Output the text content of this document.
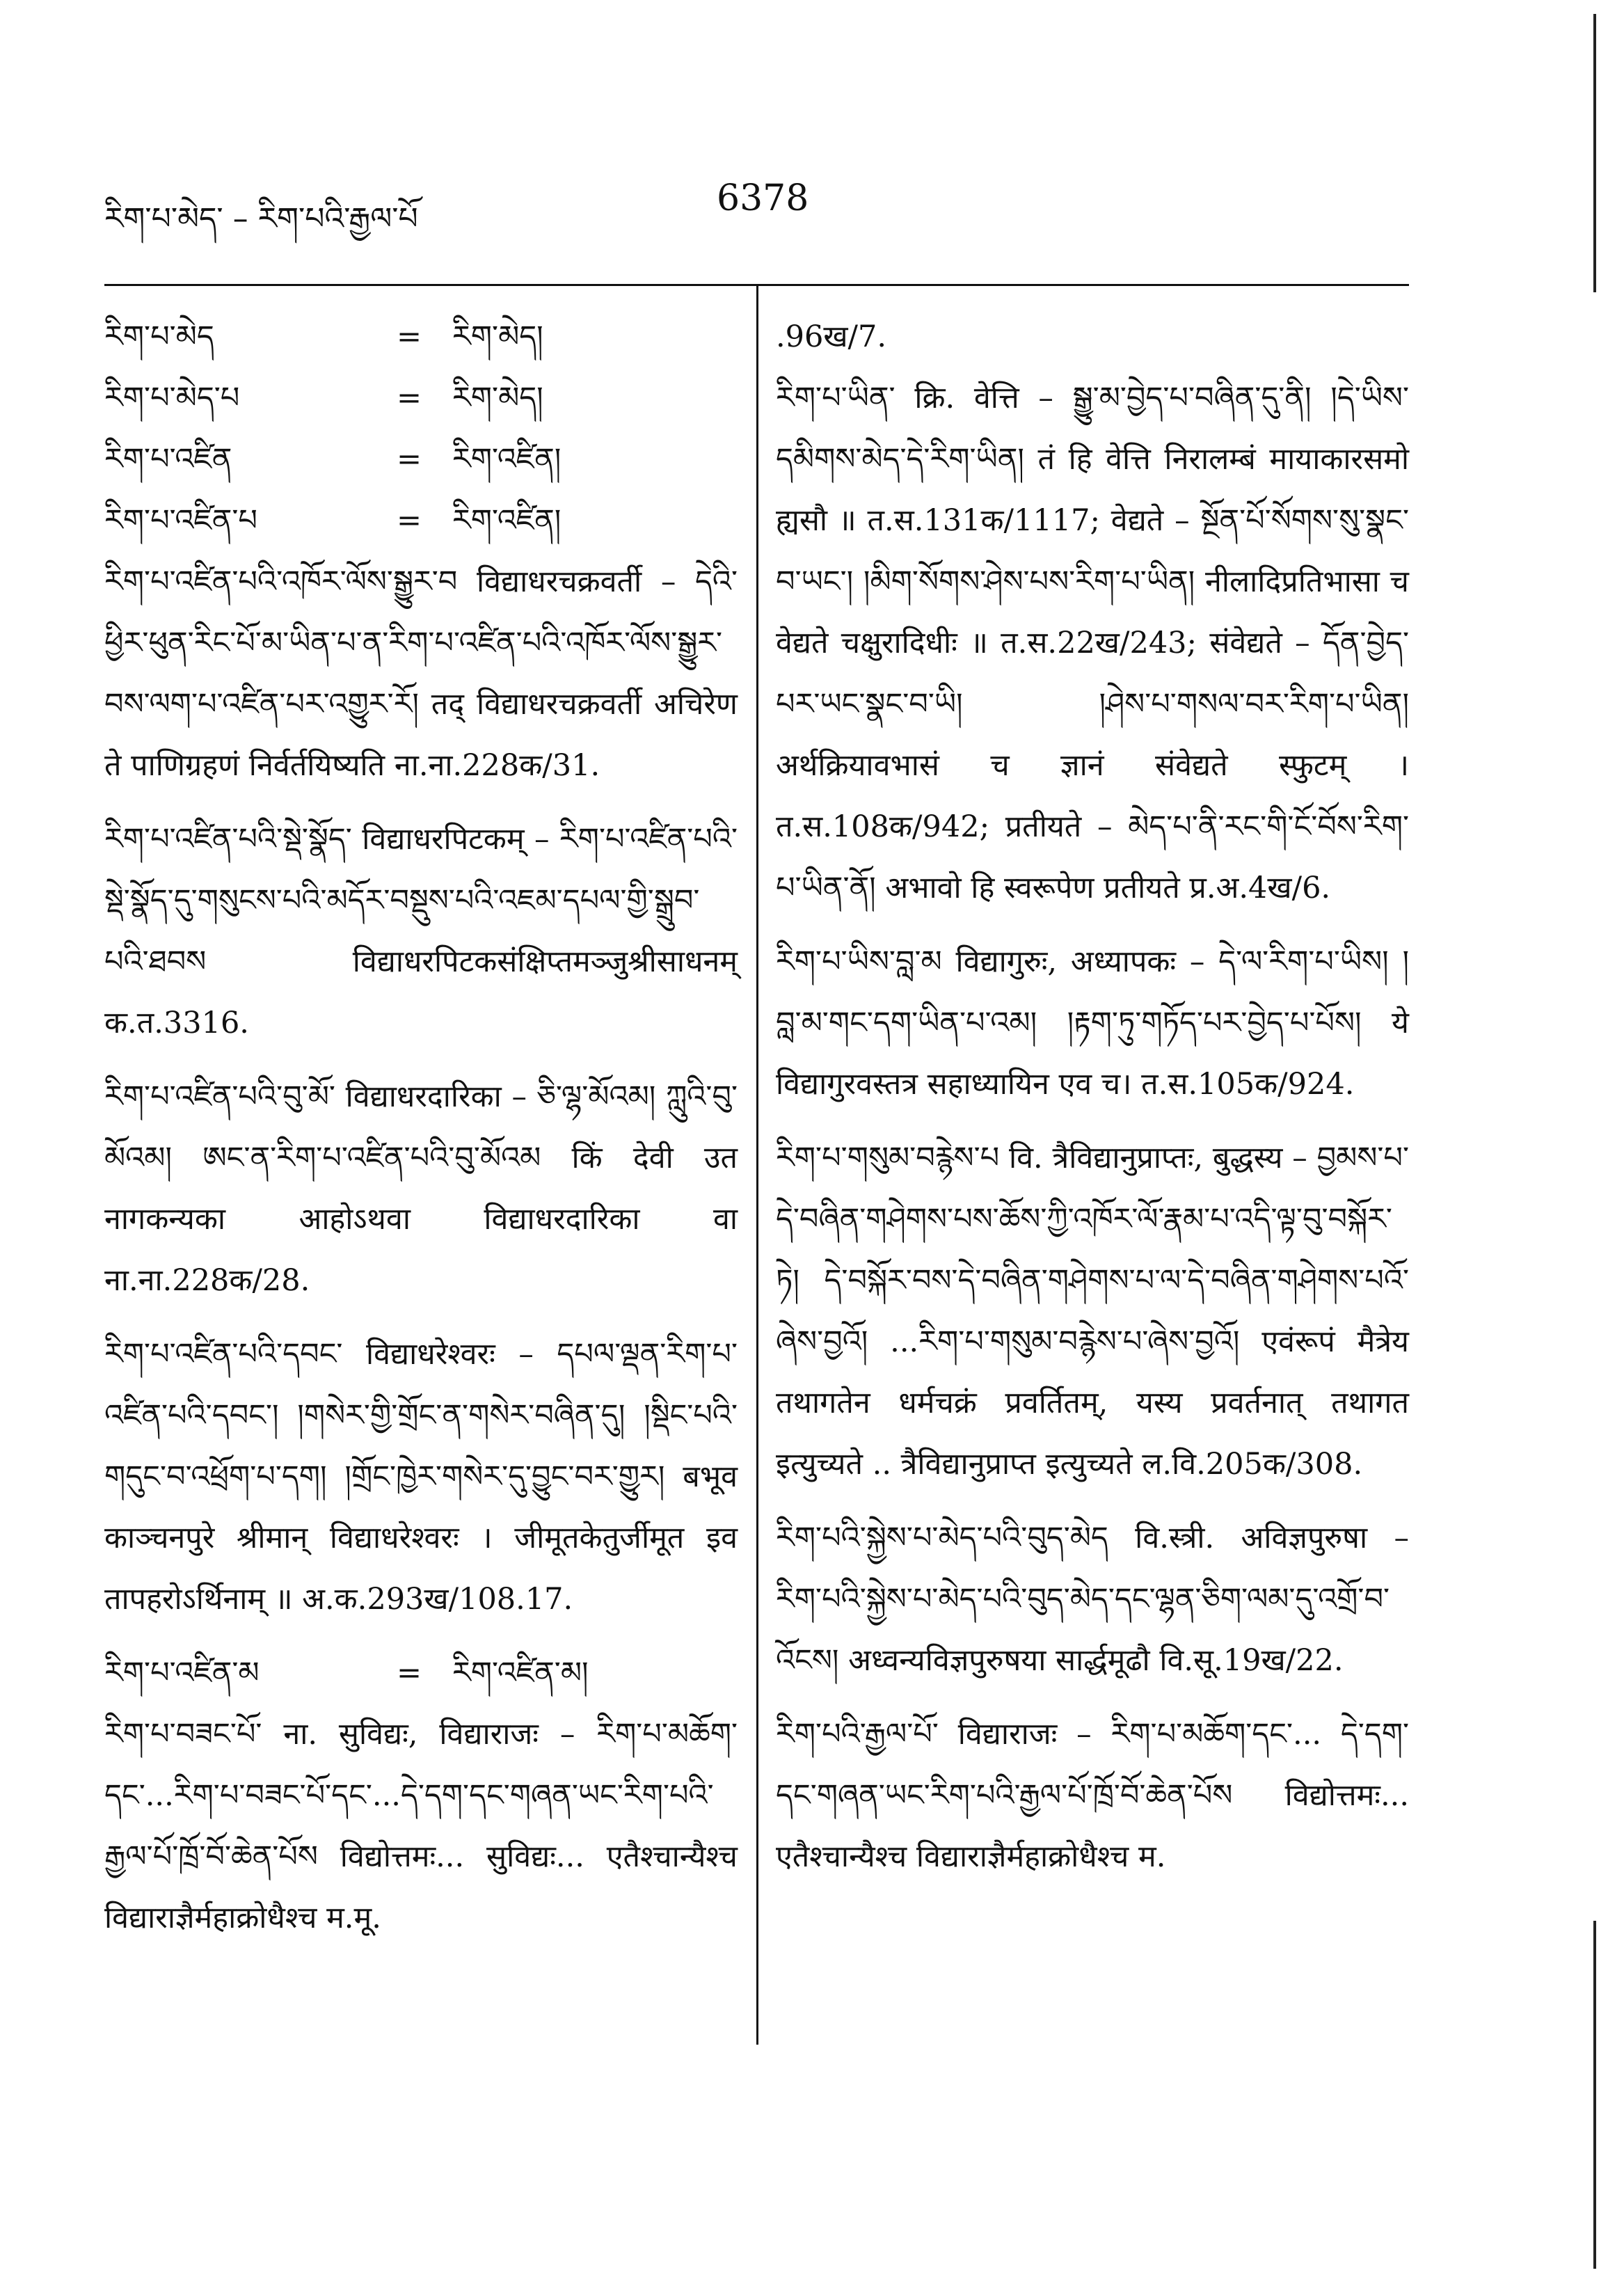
རིག་པ་མེད་ – རིག་པའི་རྒྱལ་པོ	6378
རིག་པ་མེད	=	རིག་མེད།
རིག་པ་མེད་པ	=	རིག་མེད།
རིག་པ་འཛིན	=	རིག་འཛིན།
རིག་པ་འཛིན་པ	=	རིག་འཛིན།

རིག་པ་འཛིན་པའི་འཁོར་ལོས་སྒྱུར་བ विद्याधरचक्रवर्ती – དེའི་ཕྱིར་ཕུན་རིང་པོ་མ་ཡིན་པ་ན་རིག་པ་འཛིན་པའི་འཁོར་ལོས་སྒྱུར་བས་ལག་པ་འཛིན་པར་འགྱུར་རོ། तद् विद्याधरचक्रवर्ती अचिरेण ते पाणिग्रहणं निर्वर्तयिष्यति ना.ना.228क/31.

རིག་པ་འཛིན་པའི་སྡེ་སྣོད་ विद्याधरपिटकम् – རིག་པ་འཛིན་པའི་སྡེ་སྣོད་དུ་གསུངས་པའི་མདོར་བསྡུས་པའི་འཇམ་དཔལ་གྱི་སྒྲུབ་པའི་ཐབས विद्याधरपिटकसंक्षिप्तमञ्जुश्रीसाधनम् क.त.3316.

རིག་པ་འཛིན་པའི་བུ་མོ་ विद्याधरदारिका – ཅི་ལྷ་མོའམ། ཀླུའི་བུ་མོའམ། ཨང་ན་རིག་པ་འཛིན་པའི་བུ་མོའམ किं देवी उत नागकन्यका आहोऽथवा विद्याधरदारिका वा ना.ना.228क/28.

རིག་པ་འཛིན་པའི་དབང་ विद्याधरेश्वरः – དཔལ་ལྡན་རིག་པ་འཛིན་པའི་དབང་། །གསེར་གྱི་གྲོང་ན་གསེར་བཞིན་དུ། །སྡིང་པའི་གདུང་བ་འཕྲོག་པ་དག། །གྲོང་ཁྱེར་གསེར་དུ་བྱུང་བར་གྱུར། बभूव काञ्चनपुरे श्रीमान् विद्याधरेश्वरः । जीमूतकेतुर्जीमूत इव तापहरोऽर्थिनाम् ॥ अ.क.293ख/108.17.

རིག་པ་འཛིན་མ	=	རིག་འཛིན་མ།

རིག་པ་བཟང་པོ་ ना. सुविद्यः, विद्याराजः – རིག་པ་མཆོག་དང་...རིག་པ་བཟང་པོ་དང་...དེ་དག་དང་གཞན་ཡང་རིག་པའི་རྒྱལ་པོ་ཁྲོ་བོ་ཆེན་པོས विद्योत्तमः... सुविद्यः... एतैश्चान्यैश्च विद्याराज्ञैर्महाक्रोधैश्च म.मू.

.96ख/7.

རིག་པ་ཡིན་ क्रि. वेत्ति – སྒྱུ་མ་བྱེད་པ་བཞིན་དུ་ནི། །དེ་ཡིས་དམིགས་མེད་དེ་རིག་ཡིན། तं हि वेत्ति निरालम्बं मायाकारसमो ह्यसौ ॥ त.स.131क/1117; वेद्यते – སྔོན་པོ་སོགས་སུ་སྣང་བ་ཡང་། །མིག་སོགས་ཤེས་པས་རིག་པ་ཡིན། नीलादिप्रतिभासा च वेद्यते चक्षुरादिधीः ॥ त.स.22ख/243; संवेद्यते – དོན་བྱེད་པར་ཡང་སྣང་བ་ཡི། །ཤེས་པ་གསལ་བར་རིག་པ་ཡིན། अर्थक्रियावभासं च ज्ञानं संवेद्यते स्फुटम् । त.स.108क/942; प्रतीयते – མེད་པ་ནི་རང་གི་ངོ་བོས་རིག་པ་ཡིན་ནོ། अभावो हि स्वरूपेण प्रतीयते प्र.अ.4ख/6.

རིག་པ་ཡིས་བླ་མ विद्यागुरुः, अध्यापकः – དེ་ལ་རིག་པ་ཡིས། །བླ་མ་གང་དག་ཡིན་པ་འམ། །རྟག་ཏུ་གཏོད་པར་བྱེད་པ་པོས། ये विद्यागुरवस्तत्र सहाध्यायिन एव च। त.स.105क/924.

རིག་པ་གསུམ་བརྙེས་པ वि. त्रैविद्यानुप्राप्तः, बुद्धस्य – བྱམས་པ་དེ་བཞིན་གཤེགས་པས་ཆོས་ཀྱི་འཁོར་ལོ་རྣམ་པ་འདི་ལྟ་བུ་བསྐོར་ཏེ། དེ་བསྐོར་བས་དེ་བཞིན་གཤེགས་པ་ལ་དེ་བཞིན་གཤེགས་པའོ་ཞེས་བྱའོ། ...རིག་པ་གསུམ་བརྙེས་པ་ཞེས་བྱའོ། एवंरूपं मैत्रेय तथागतेन धर्मचक्रं प्रवर्तितम्, यस्य प्रवर्तनात् तथागत इत्युच्यते .. त्रैविद्यानुप्राप्त इत्युच्यते ल.वि.205क/308.

རིག་པའི་སྐྱེས་པ་མེད་པའི་བུད་མེད वि.स्त्री. अविज्ञपुरुषा – རིག་པའི་སྐྱེས་པ་མེད་པའི་བུད་མེད་དང་ལྷན་ཅིག་ལམ་དུ་འགྲོ་བ་འོངས། अध्वन्यविज्ञपुरुषया सार्द्धमूढौ वि.सू.19ख/22.

རིག་པའི་རྒྱལ་པོ་ विद्याराजः – རིག་པ་མཆོག་དང་... དེ་དག་དང་གཞན་ཡང་རིག་པའི་རྒྱལ་པོ་ཁྲོ་བོ་ཆེན་པོས विद्योत्तमः... एतैश्चान्यैश्च विद्याराज्ञैर्महाक्रोधैश्च म.
